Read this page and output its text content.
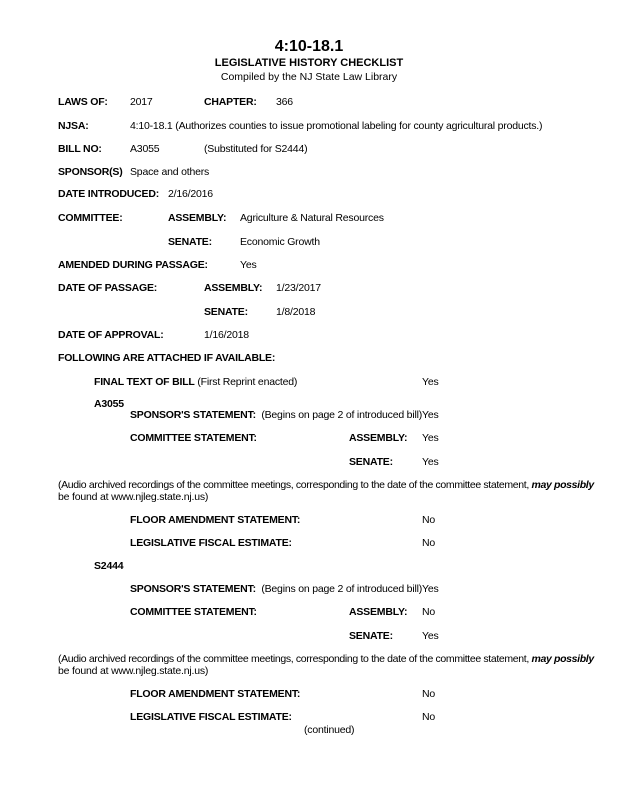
4:10-18.1
LEGISLATIVE HISTORY CHECKLIST
Compiled by the NJ State Law Library
LAWS OF: 2017	CHAPTER: 366
NJSA:	4:10-18.1 (Authorizes counties to issue promotional labeling for county agricultural products.)
BILL NO:	A3055	(Substituted for S2444)
SPONSOR(S) Space and others
DATE INTRODUCED: 2/16/2016
COMMITTEE:	ASSEMBLY: Agriculture & Natural Resources
SENATE:	Economic Growth
AMENDED DURING PASSAGE:	Yes
DATE OF PASSAGE:	ASSEMBLY: 1/23/2017
SENATE:	1/8/2018
DATE OF APPROVAL:	1/16/2018
FOLLOWING ARE ATTACHED IF AVAILABLE:
FINAL TEXT OF BILL (First Reprint enacted)	Yes
A3055
SPONSOR'S STATEMENT: (Begins on page 2 of introduced bill) Yes
COMMITTEE STATEMENT:	ASSEMBLY: Yes
SENATE:	Yes
(Audio archived recordings of the committee meetings, corresponding to the date of the committee statement, may possibly
be found at www.njleg.state.nj.us)
FLOOR AMENDMENT STATEMENT:	No
LEGISLATIVE FISCAL ESTIMATE:	No
S2444
SPONSOR'S STATEMENT: (Begins on page 2 of introduced bill) Yes
COMMITTEE STATEMENT:	ASSEMBLY: No
SENATE:	Yes
(Audio archived recordings of the committee meetings, corresponding to the date of the committee statement, may possibly
be found at www.njleg.state.nj.us)
FLOOR AMENDMENT STATEMENT:	No
LEGISLATIVE FISCAL ESTIMATE:	No
(continued)
